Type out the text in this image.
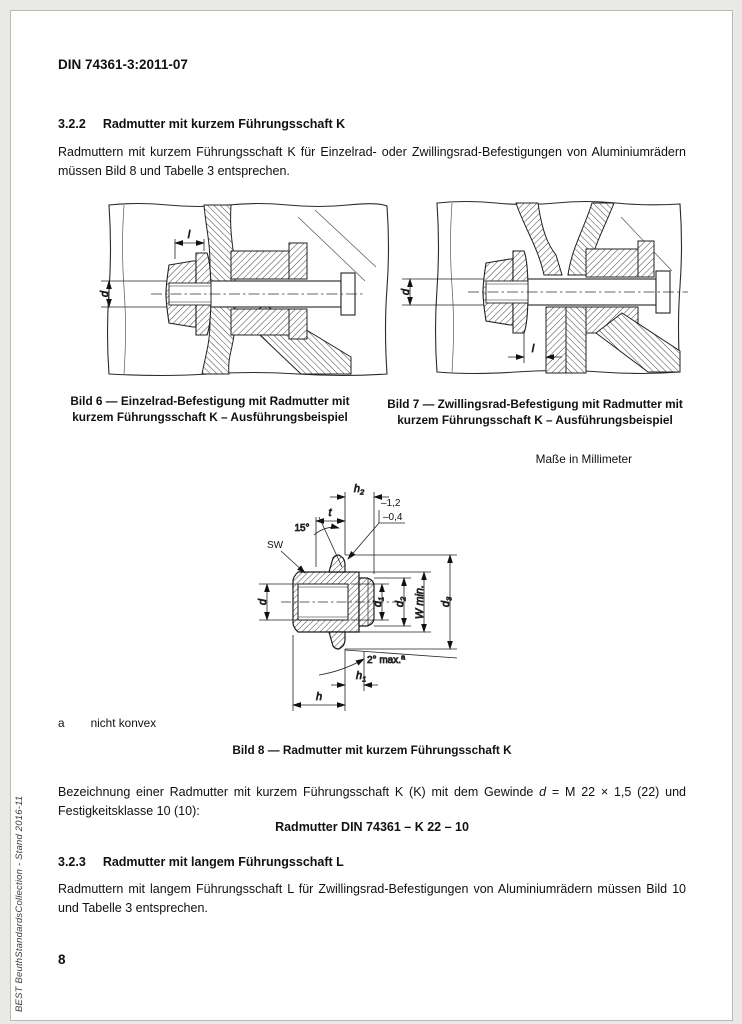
DIN 74361-3:2011-07
3.2.2 Radmutter mit kurzem Führungsschaft K
Radmuttern mit kurzem Führungsschaft K für Einzelrad- oder Zwillingsrad-Befestigungen von Aluminiumrädern müssen Bild 8 und Tabelle 3 entsprechen.
l
d	d
l
Bild 6 — Einzelrad-Befestigung mit Radmutter mit kurzem Führungsschaft K – Ausführungsbeispiel
Bild 7 — Zwillingsrad-Befestigung mit Radmutter mit kurzem Führungsschaft K – Ausführungsbeispiel
Maße in Millimeter
d	$d_1$
$d_2$ W min. $d_3$
2° max.$^a$
$h_2$
t
15°
–1,2
–0,4
SW
$h_1$
h
a nicht konvex
Bild 8 — Radmutter mit kurzem Führungsschaft K
Bezeichnung einer Radmutter mit kurzem Führungsschaft K (K) mit dem Gewinde d = M 22 × 1,5 (22) und Festigkeitsklasse 10 (10):
Radmutter DIN 74361 – K 22 – 10
3.2.3 Radmutter mit langem Führungsschaft L
Radmuttern mit langem Führungsschaft L für Zwillingsrad-Befestigungen von Aluminiumrädern müssen Bild 10 und Tabelle 3 entsprechen.
8
BEST BeuthStandardsCollection - Stand 2016-11
